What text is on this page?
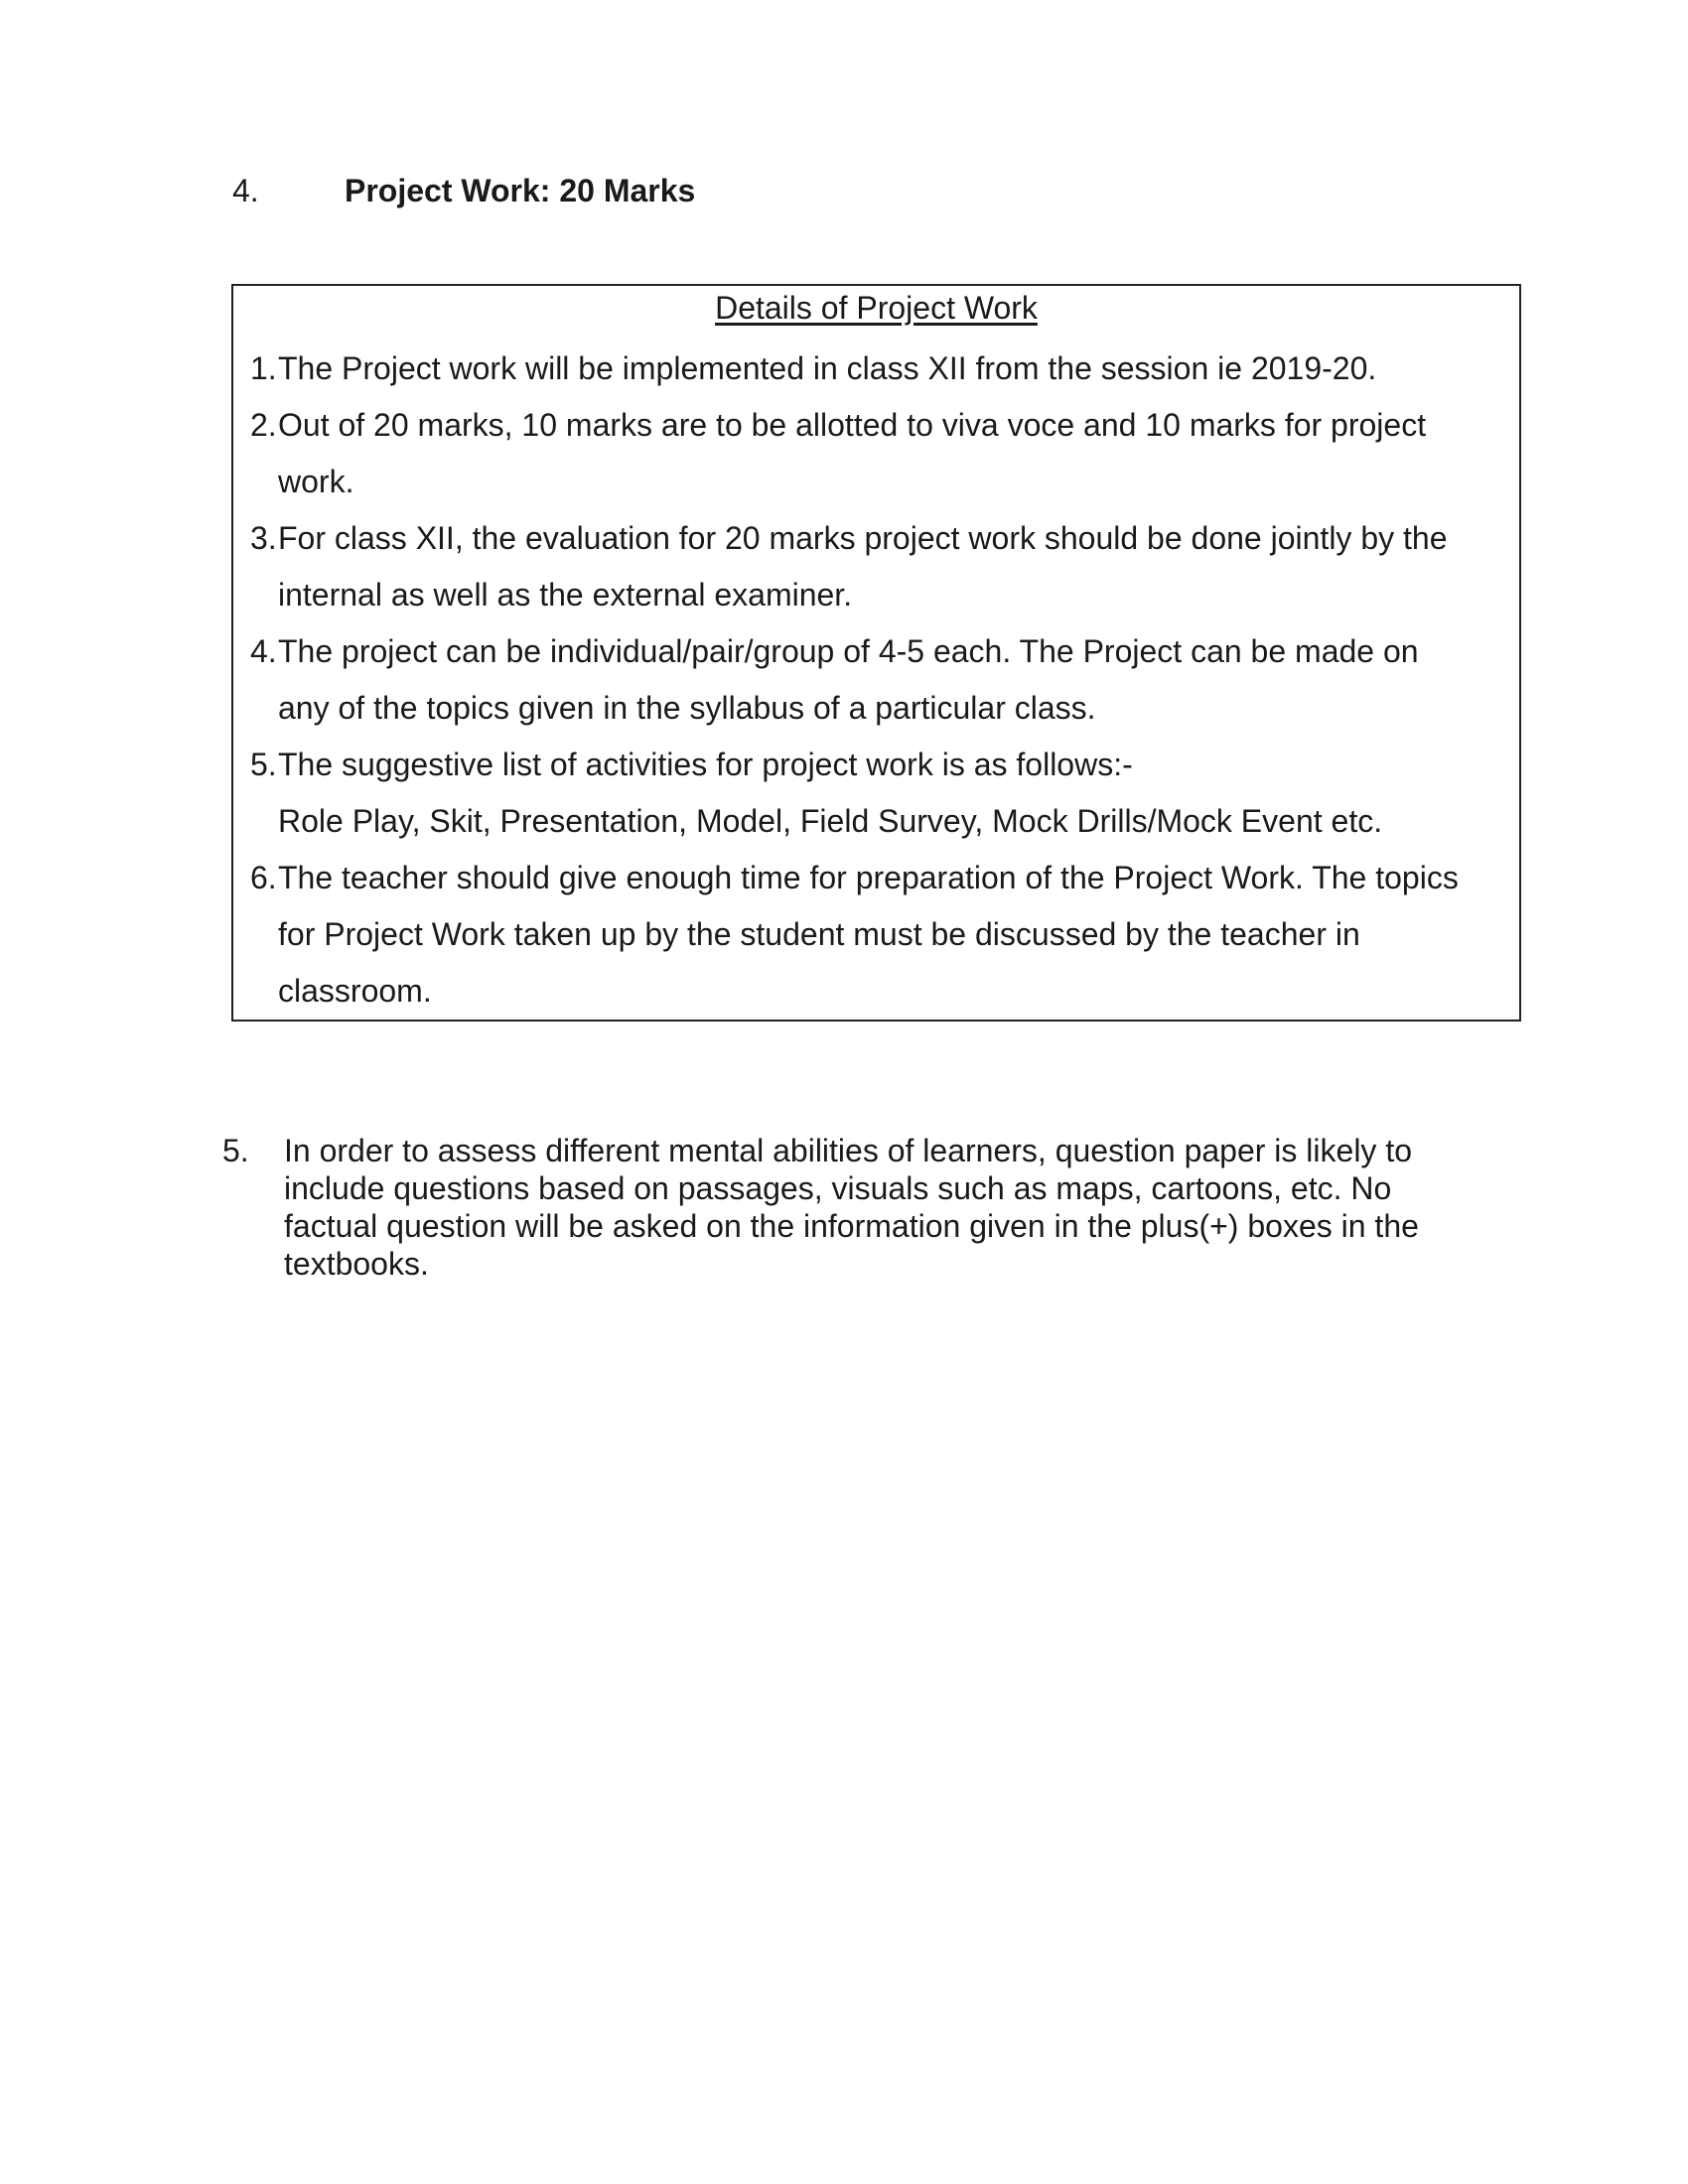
4.	Project Work: 20 Marks
Details of Project Work
1. The Project work will be implemented in class XII from the session ie 2019-20.
2. Out of 20 marks, 10 marks are to be allotted to viva voce and 10 marks for project
work.
3. For class XII, the evaluation for 20 marks project work should be done jointly by the
internal as well as the external examiner.
4. The project can be individual/pair/group of 4-5 each. The Project can be made on
any of the topics given in the syllabus of a particular class.
5. The suggestive list of activities for project work is as follows:-
Role Play, Skit, Presentation, Model, Field Survey, Mock Drills/Mock Event etc.
6. The teacher should give enough time for preparation of the Project Work. The topics
for Project Work taken up by the student must be discussed by the teacher in
classroom.
5. In order to assess different mental abilities of learners, question paper is likely to
include questions based on passages, visuals such as maps, cartoons, etc. No
factual question will be asked on the information given in the plus(+) boxes in the
textbooks.
